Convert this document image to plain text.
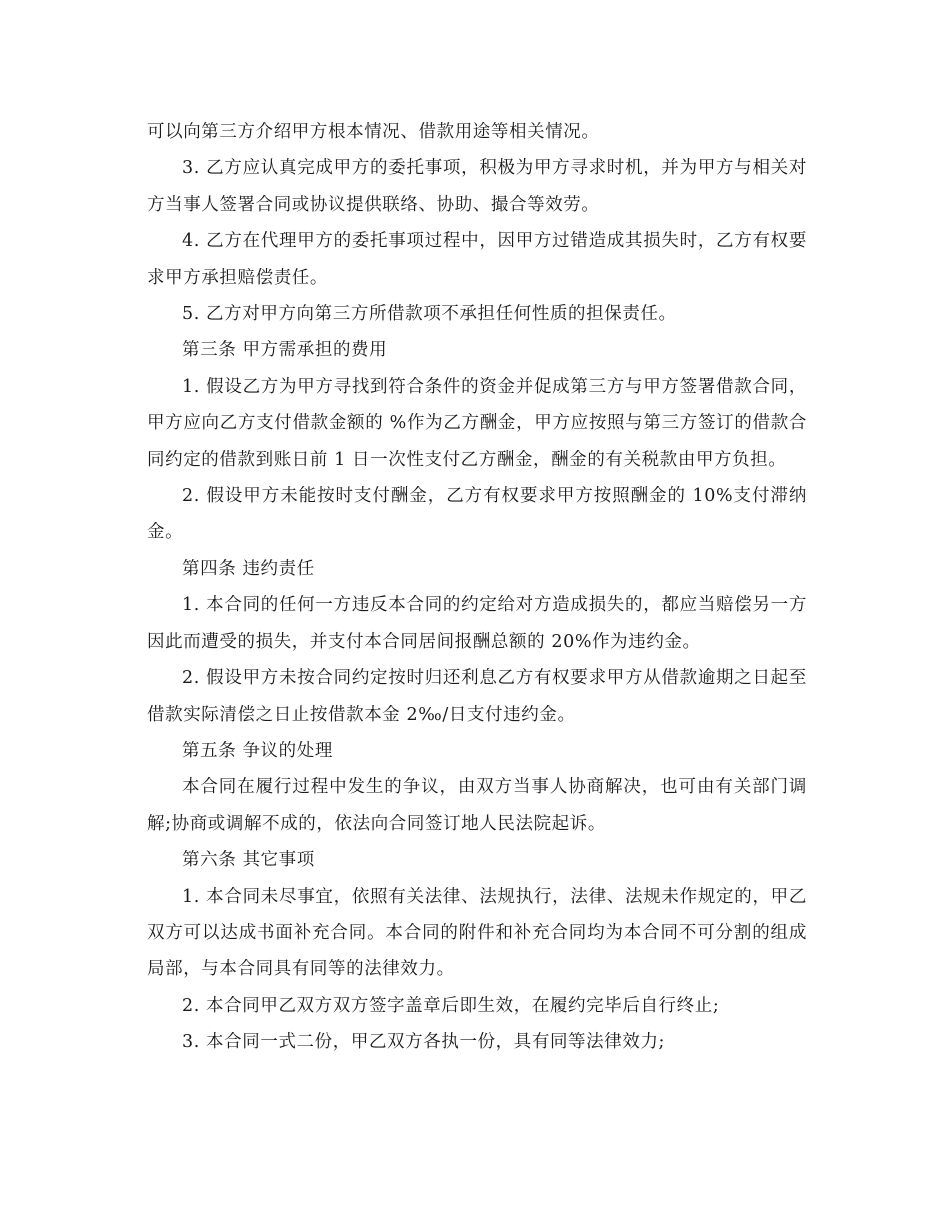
可以向第三方介绍甲方根本情况、借款用途等相关情况。

3. 乙方应认真完成甲方的委托事项，积极为甲方寻求时机，并为甲方与相关对方当事人签署合同或协议提供联络、协助、撮合等效劳。

4. 乙方在代理甲方的委托事项过程中，因甲方过错造成其损失时，乙方有权要求甲方承担赔偿责任。

5. 乙方对甲方向第三方所借款项不承担任何性质的担保责任。

第三条 甲方需承担的费用

1. 假设乙方为甲方寻找到符合条件的资金并促成第三方与甲方签署借款合同，甲方应向乙方支付借款金额的 %作为乙方酬金，甲方应按照与第三方签订的借款合同约定的借款到账日前 1 日一次性支付乙方酬金，酬金的有关税款由甲方负担。

2. 假设甲方未能按时支付酬金，乙方有权要求甲方按照酬金的 10%支付滞纳金。

第四条 违约责任

1. 本合同的任何一方违反本合同的约定给对方造成损失的，都应当赔偿另一方因此而遭受的损失，并支付本合同居间报酬总额的 20%作为违约金。

2. 假设甲方未按合同约定按时归还利息乙方有权要求甲方从借款逾期之日起至借款实际清偿之日止按借款本金 2‰/日支付违约金。

第五条 争议的处理

本合同在履行过程中发生的争议，由双方当事人协商解决，也可由有关部门调解;协商或调解不成的，依法向合同签订地人民法院起诉。

第六条 其它事项

1. 本合同未尽事宜，依照有关法律、法规执行，法律、法规未作规定的，甲乙双方可以达成书面补充合同。本合同的附件和补充合同均为本合同不可分割的组成局部，与本合同具有同等的法律效力。

2. 本合同甲乙双方双方签字盖章后即生效，在履约完毕后自行终止;

3. 本合同一式二份，甲乙双方各执一份，具有同等法律效力;
